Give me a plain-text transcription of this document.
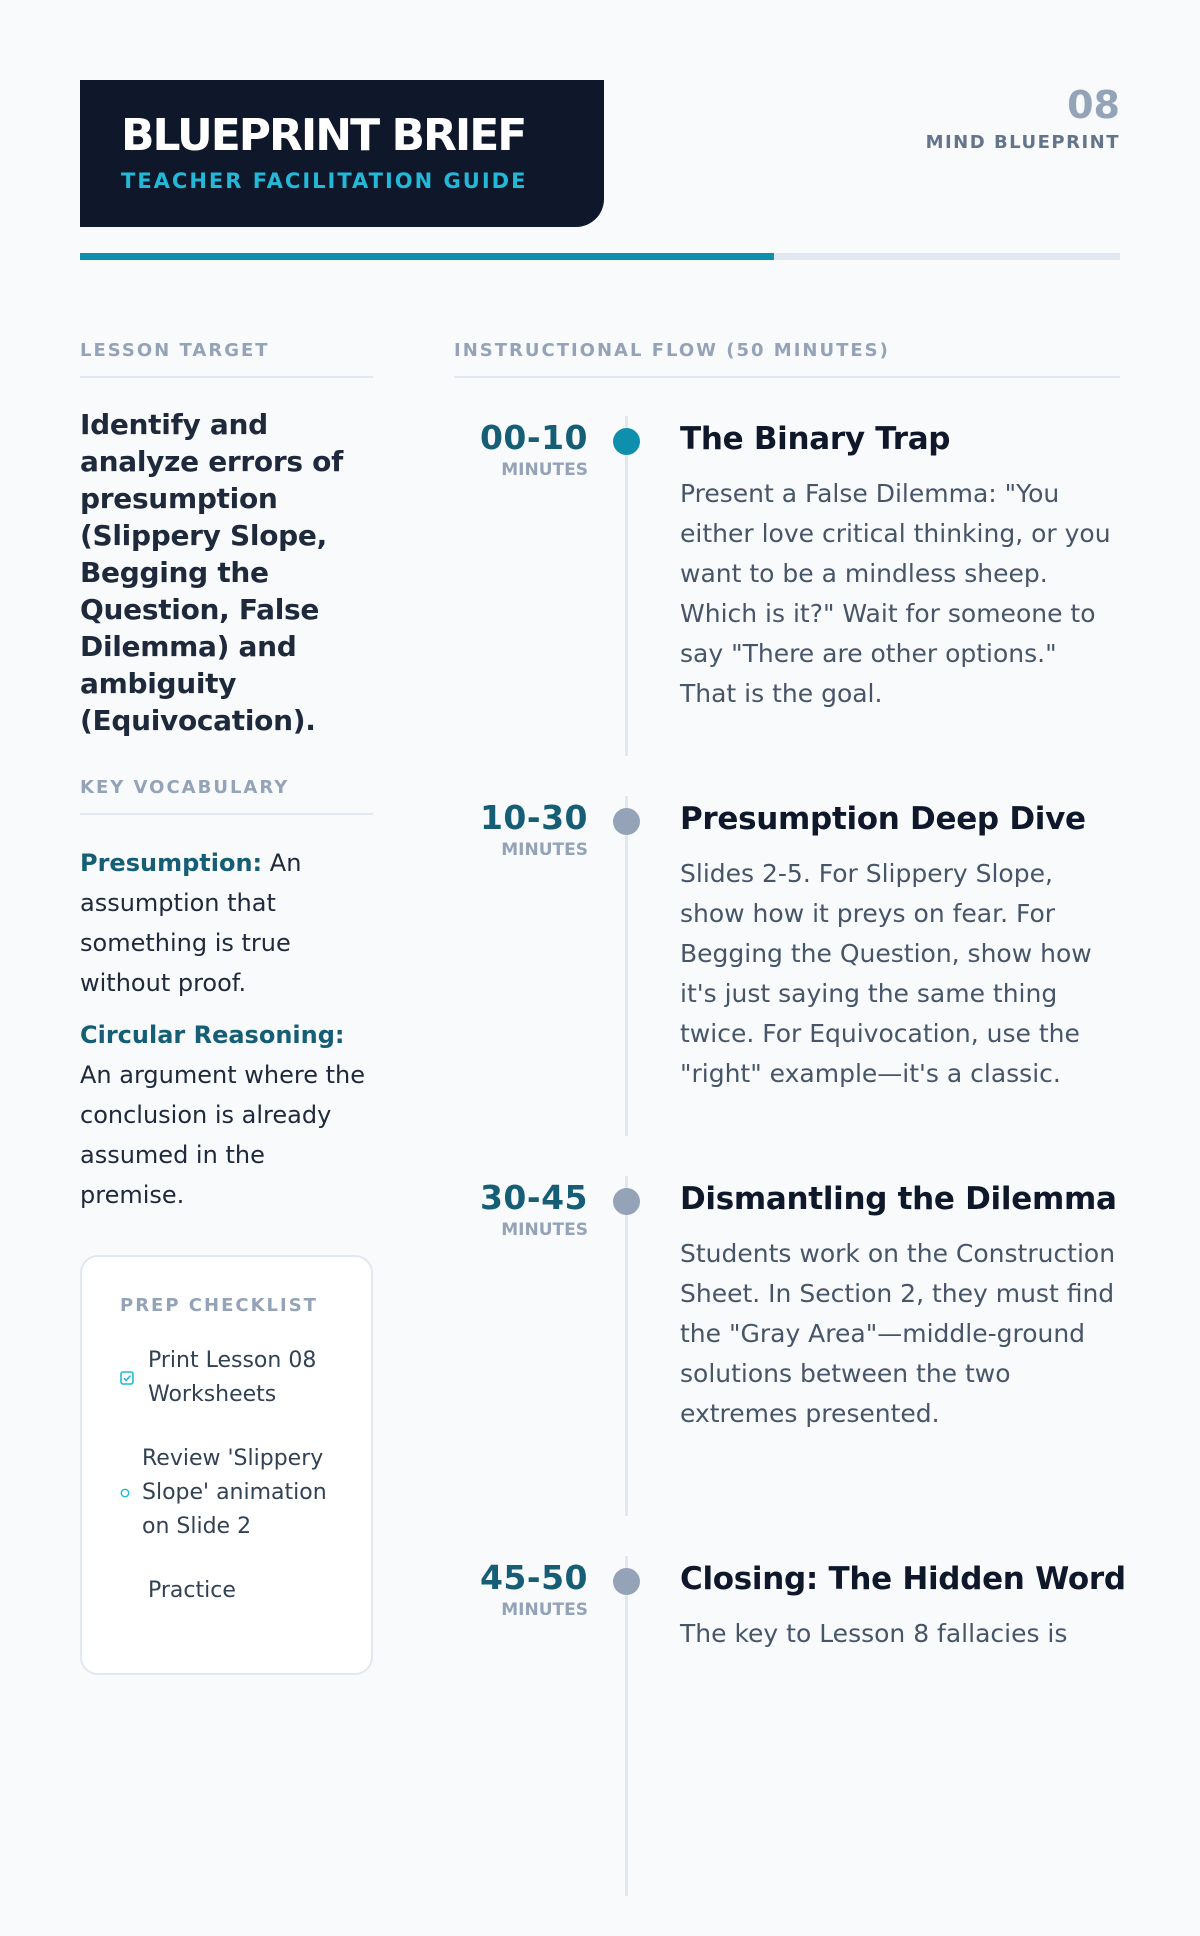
BLUEPRINT BRIEF
TEACHER FACILITATION GUIDE
08
MIND BLUEPRINT
LESSON TARGET
Identify and analyze errors of presumption (Slippery Slope, Begging the Question, False Dilemma) and ambiguity (Equivocation).
KEY VOCABULARY
Presumption: An assumption that something is true without proof.
Circular Reasoning: An argument where the conclusion is already assumed in the premise.
PREP CHECKLIST
Print Lesson 08 Worksheets
Review 'Slippery Slope' animation on Slide 2
Practice
INSTRUCTIONAL FLOW (50 MINUTES)
00-10
MINUTES
The Binary Trap
Present a False Dilemma: "You either love critical thinking, or you want to be a mindless sheep. Which is it?" Wait for someone to say "There are other options." That is the goal.
10-30
MINUTES
Presumption Deep Dive
Slides 2-5. For Slippery Slope, show how it preys on fear. For Begging the Question, show how it's just saying the same thing twice. For Equivocation, use the "right" example—it's a classic.
30-45
MINUTES
Dismantling the Dilemma
Students work on the Construction Sheet. In Section 2, they must find the "Gray Area"—middle-ground solutions between the two extremes presented.
45-50
MINUTES
Closing: The Hidden Word
The key to Lesson 8 fallacies is
